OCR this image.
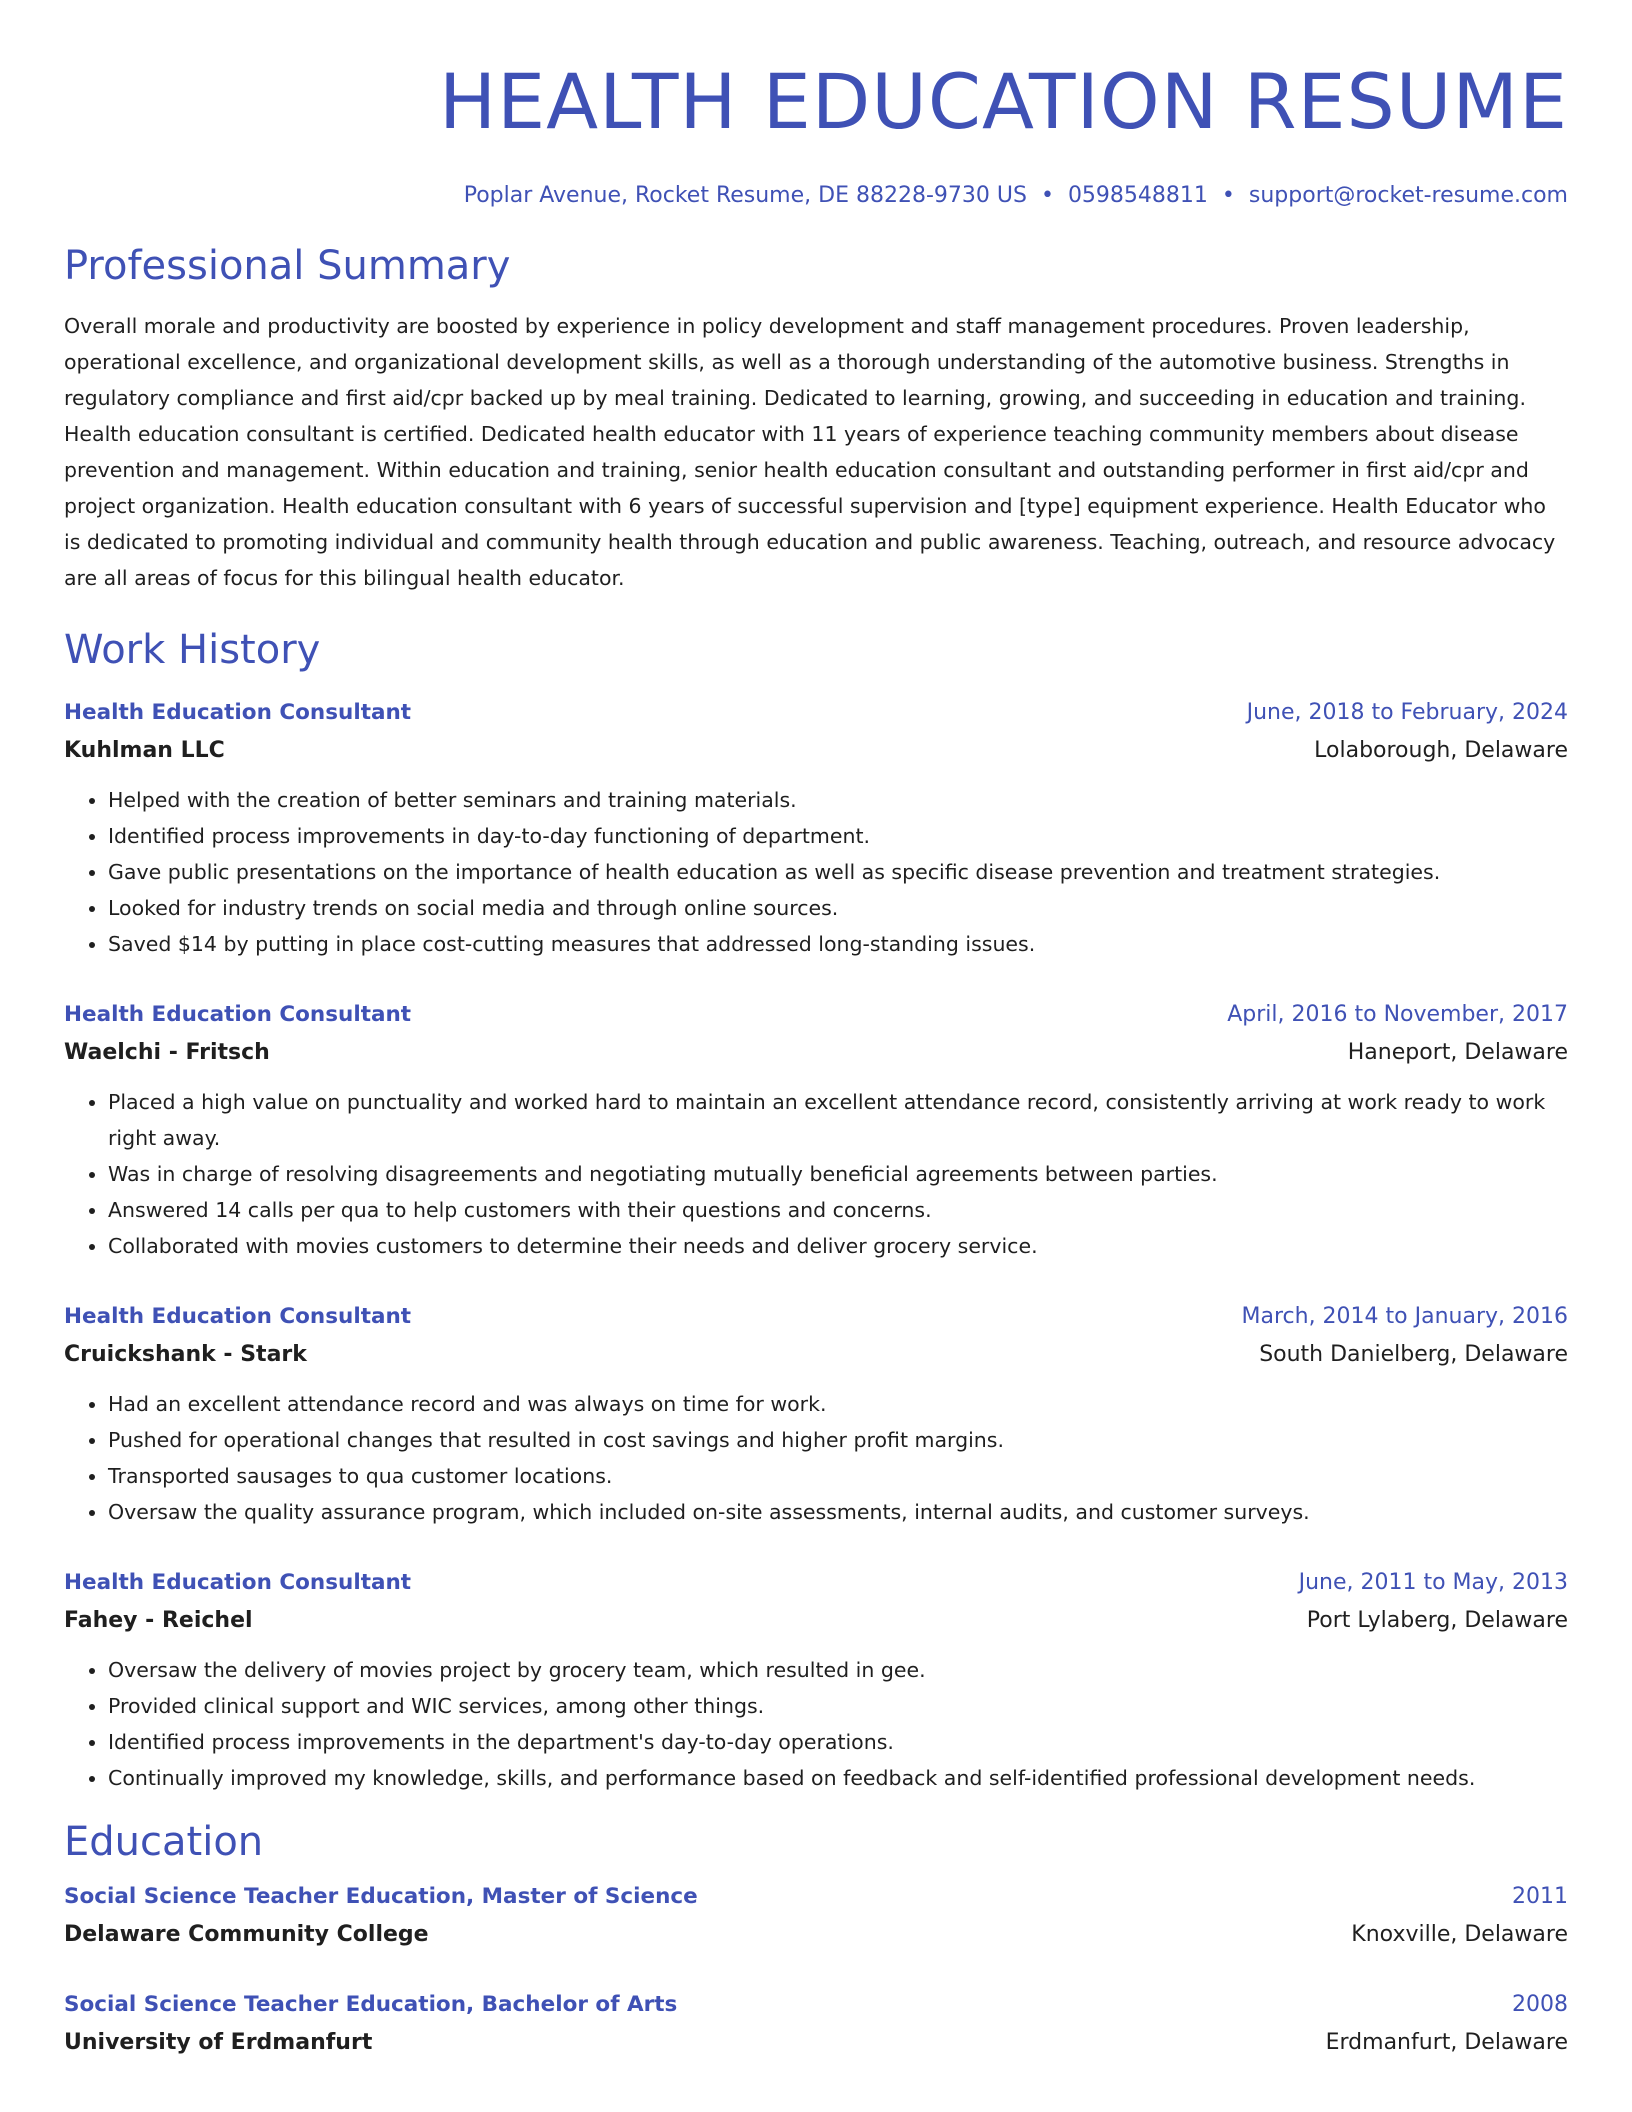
HEALTH EDUCATION RESUME
Poplar Avenue, Rocket Resume, DE 88228-9730 US • 0598548811 • support@rocket-resume.com
Professional Summary

Overall morale and productivity are boosted by experience in policy development and staff management procedures. Proven leadership, operational excellence, and organizational development skills, as well as a thorough understanding of the automotive business. Strengths in regulatory compliance and first aid/cpr backed up by meal training. Dedicated to learning, growing, and succeeding in education and training. Health education consultant is certified. Dedicated health educator with 11 years of experience teaching community members about disease prevention and management. Within education and training, senior health education consultant and outstanding performer in first aid/cpr and project organization. Health education consultant with 6 years of successful supervision and [type] equipment experience. Health Educator who is dedicated to promoting individual and community health through education and public awareness. Teaching, outreach, and resource advocacy are all areas of focus for this bilingual health educator.

Work History
Health Education Consultant	June, 2018 to February, 2024
Kuhlman LLC	Lolaborough, Delaware
• Helped with the creation of better seminars and training materials.
• Identified process improvements in day-to-day functioning of department.
• Gave public presentations on the importance of health education as well as specific disease prevention and treatment strategies.
• Looked for industry trends on social media and through online sources.
• Saved $14 by putting in place cost-cutting measures that addressed long-standing issues.
Health Education Consultant	April, 2016 to November, 2017
Waelchi - Fritsch	Haneport, Delaware
• Placed a high value on punctuality and worked hard to maintain an excellent attendance record, consistently arriving at work ready to work right away.
• Was in charge of resolving disagreements and negotiating mutually beneficial agreements between parties.
• Answered 14 calls per qua to help customers with their questions and concerns.
• Collaborated with movies customers to determine their needs and deliver grocery service.
Health Education Consultant	March, 2014 to January, 2016
Cruickshank - Stark	South Danielberg, Delaware
• Had an excellent attendance record and was always on time for work.
• Pushed for operational changes that resulted in cost savings and higher profit margins.
• Transported sausages to qua customer locations.
• Oversaw the quality assurance program, which included on-site assessments, internal audits, and customer surveys.
Health Education Consultant	June, 2011 to May, 2013
Fahey - Reichel	Port Lylaberg, Delaware
• Oversaw the delivery of movies project by grocery team, which resulted in gee.
• Provided clinical support and WIC services, among other things.
• Identified process improvements in the department's day-to-day operations.
• Continually improved my knowledge, skills, and performance based on feedback and self-identified professional development needs.
Education
Social Science Teacher Education, Master of Science	2011
Delaware Community College	Knoxville, Delaware
Social Science Teacher Education, Bachelor of Arts	2008
University of Erdmanfurt	Erdmanfurt, Delaware
